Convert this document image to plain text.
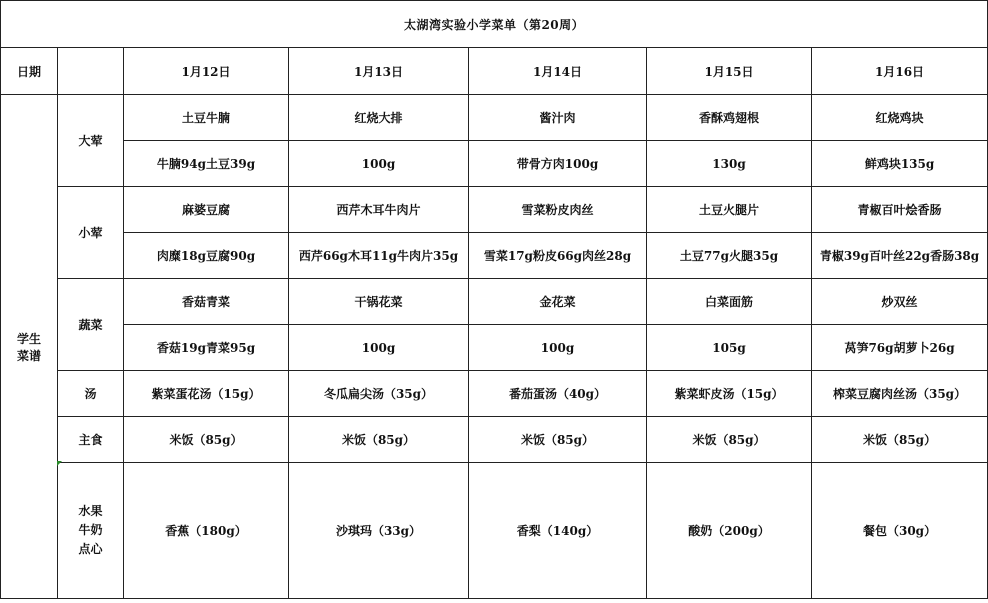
太湖湾实验小学菜单（第20周）						
日期		1月12日	1月13日	1月14日	1月15日	1月16日

学生
菜谱	大荤	土豆牛腩	红烧大排	酱汁肉	香酥鸡翅根	红烧鸡块
		牛腩94g土豆39g	100g	带骨方肉100g	130g	鲜鸡块135g
	小荤	麻婆豆腐	西芹木耳牛肉片	雪菜粉皮肉丝	土豆火腿片	青椒百叶烩香肠
		肉糜18g豆腐90g	西芹66g木耳11g牛肉片35g	雪菜17g粉皮66g肉丝28g	土豆77g火腿35g	青椒39g百叶丝22g香肠38g
	蔬菜	香菇青菜	干锅花菜	金花菜	白菜面筋	炒双丝
		香菇19g青菜95g	100g	100g	105g	莴笋76g胡萝卜26g
	汤	紫菜蛋花汤（15g）	冬瓜扁尖汤（35g）	番茄蛋汤（40g）	紫菜虾皮汤（15g）	榨菜豆腐肉丝汤（35g）
	主食	米饭（85g）	米饭（85g）	米饭（85g）	米饭（85g）	米饭（85g）

	水果
牛奶
点心	香蕉（180g）	沙琪玛（33g）	香梨（140g）	酸奶（200g）	餐包（30g）
